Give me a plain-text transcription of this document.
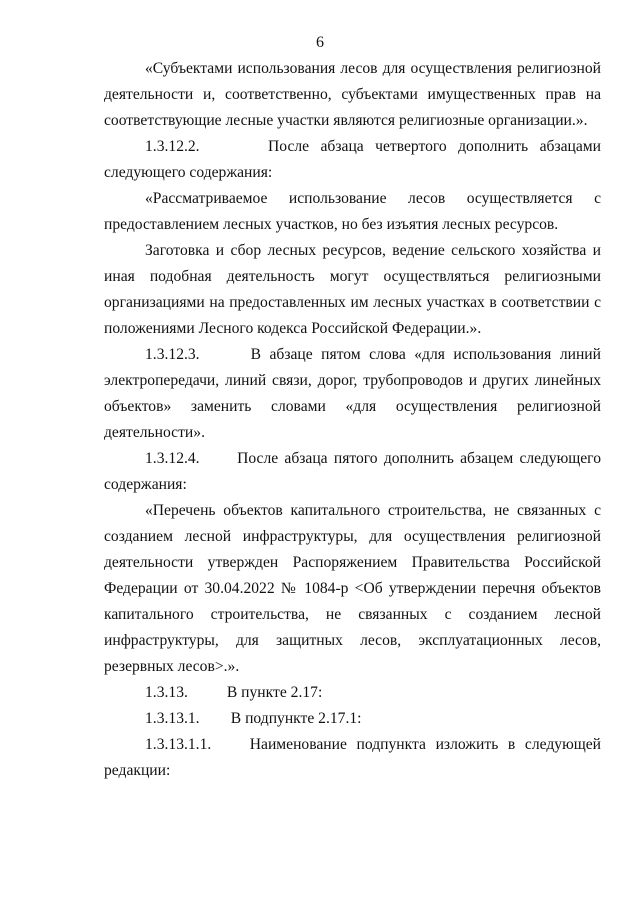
6

«Субъектами использования лесов для осуществления религиозной деятельности и, соответственно, субъектами имущественных прав на соответствующие лесные участки являются религиозные организации.».

1.3.12.2.      После абзаца четвертого дополнить абзацами следующего содержания:

«Рассматриваемое использование лесов осуществляется с предоставлением лесных участков, но без изъятия лесных ресурсов.

Заготовка и сбор лесных ресурсов, ведение сельского хозяйства и иная подобная деятельность могут осуществляться религиозными организациями на предоставленных им лесных участках в соответствии с положениями Лесного кодекса Российской Федерации.».

1.3.12.3.      В абзаце пятом слова «для использования линий электропередачи, линий связи, дорог, трубопроводов и других линейных объектов» заменить словами «для осуществления религиозной деятельности».

1.3.12.4.      После абзаца пятого дополнить абзацем следующего содержания:

«Перечень объектов капитального строительства, не связанных с созданием лесной инфраструктуры, для осуществления религиозной деятельности утвержден Распоряжением Правительства Российской Федерации от 30.04.2022 № 1084-р <Об утверждении перечня объектов капитального строительства, не связанных с созданием лесной инфраструктуры, для защитных лесов, эксплуатационных лесов, резервных лесов>.».

1.3.13.          В пункте 2.17:

1.3.13.1.        В подпункте 2.17.1:

1.3.13.1.1.    Наименование подпункта изложить в следующей редакции:
